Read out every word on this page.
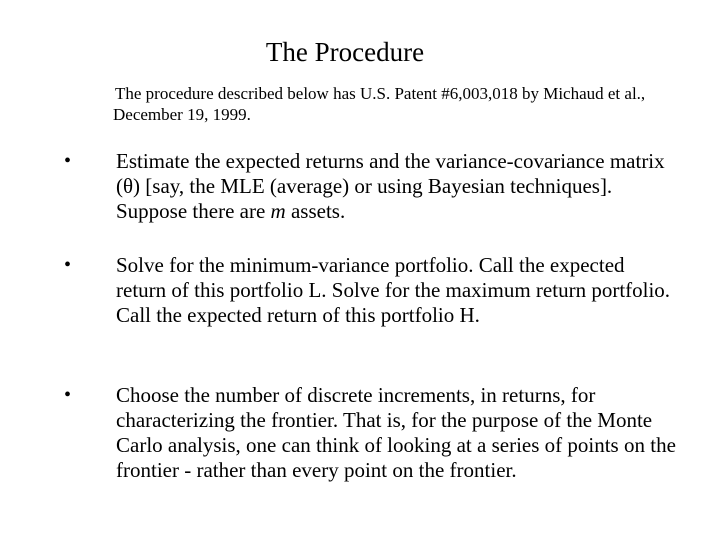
The Procedure
The procedure described below has U.S. Patent #6,003,018 by Michaud et al., December 19, 1999.
• Estimate the expected returns and the variance-covariance matrix (θ) [say, the MLE (average) or using Bayesian techniques]. Suppose there are m assets.
• Solve for the minimum-variance portfolio. Call the expected return of this portfolio L. Solve for the maximum return portfolio. Call the expected return of this portfolio H.
• Choose the number of discrete increments, in returns, for characterizing the frontier. That is, for the purpose of the Monte Carlo analysis, one can think of looking at a series of points on the frontier - rather than every point on the frontier.
